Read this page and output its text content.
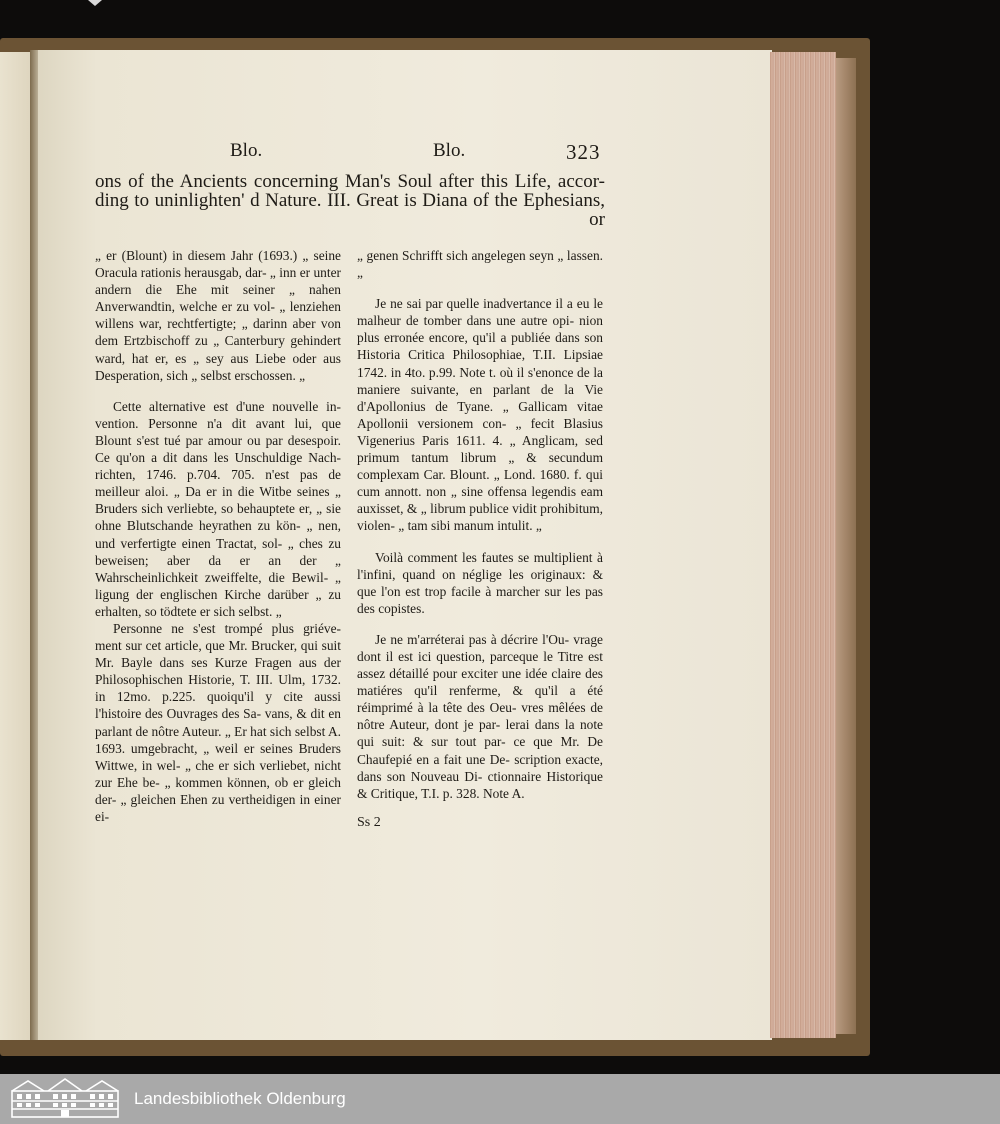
Blo.	Blo.	323
ons of the Ancients concerning Man's Soul after this Life, accor-
ding to uninlighten' d Nature. III. Great is Diana of the Ephesians,
or

„ er (Blount) in diesem Jahr (1693.) „ seine Oracula rationis herausgab, dar- „ inn er unter andern die Ehe mit seiner „ nahen Anverwandtin, welche er zu vol- „ lenziehen willens war, rechtfertigte; „ darinn aber von dem Ertzbischoff zu „ Canterbury gehindert ward, hat er, es „ sey aus Liebe oder aus Desperation, sich „ selbst erschossen. „

Cette alternative est d'une nouvelle in- vention. Personne n'a dit avant lui, que Blount s'est tué par amour ou par desespoir. Ce qu'on a dit dans les Unschuldige Nach- richten, 1746. p.704. 705. n'est pas de meilleur aloi. „ Da er in die Witbe seines „ Bruders sich verliebte, so behauptete er, „ sie ohne Blutschande heyrathen zu kön- „ nen, und verfertigte einen Tractat, sol- „ ches zu beweisen; aber da er an der „ Wahrscheinlichkeit zweiffelte, die Bewil- „ ligung der englischen Kirche darüber „ zu erhalten, so tödtete er sich selbst. „

Personne ne s'est trompé plus griéve- ment sur cet article, que Mr. Brucker, qui suit Mr. Bayle dans ses Kurze Fragen aus der Philosophischen Historie, T. III. Ulm, 1732. in 12mo. p.225. quoiqu'il y cite aussi l'histoire des Ouvrages des Sa- vans, & dit en parlant de nôtre Auteur. „ Er hat sich selbst A. 1693. umgebracht, „ weil er seines Bruders Wittwe, in wel- „ che er sich verliebet, nicht zur Ehe be- „ kommen können, ob er gleich der- „ gleichen Ehen zu vertheidigen in einer ei-

„ genen Schrifft sich angelegen seyn „ lassen. „

Je ne sai par quelle inadvertance il a eu le malheur de tomber dans une autre opi- nion plus erronée encore, qu'il a publiée dans son Historia Critica Philosophiae, T.II. Lipsiae 1742. in 4to. p.99. Note t. où il s'enonce de la maniere suivante, en parlant de la Vie d'Apollonius de Tyane. „ Gallicam vitae Apollonii versionem con- „ fecit Blasius Vigenerius Paris 1611. 4. „ Anglicam, sed primum tantum librum „ & secundum complexam Car. Blount. „ Lond. 1680. f. qui cum annott. non „ sine offensa legendis eam auxisset, & „ librum publice vidit prohibitum, violen- „ tam sibi manum intulit. „

Voilà comment les fautes se multiplient à l'infini, quand on néglige les originaux: & que l'on est trop facile à marcher sur les pas des copistes.

Je ne m'arréterai pas à décrire l'Ou- vrage dont il est ici question, parceque le Titre est assez détaillé pour exciter une idée claire des matiéres qu'il renferme, & qu'il a été réimprimé à la tête des Oeu- vres mêlées de nôtre Auteur, dont je par- lerai dans la note qui suit: & sur tout par- ce que Mr. De Chaufepié en a fait une De- scription exacte, dans son Nouveau Di- ctionnaire Historique & Critique, T.I. p. 328. Note A.

Ss 2
Landesbibliothek Oldenburg
